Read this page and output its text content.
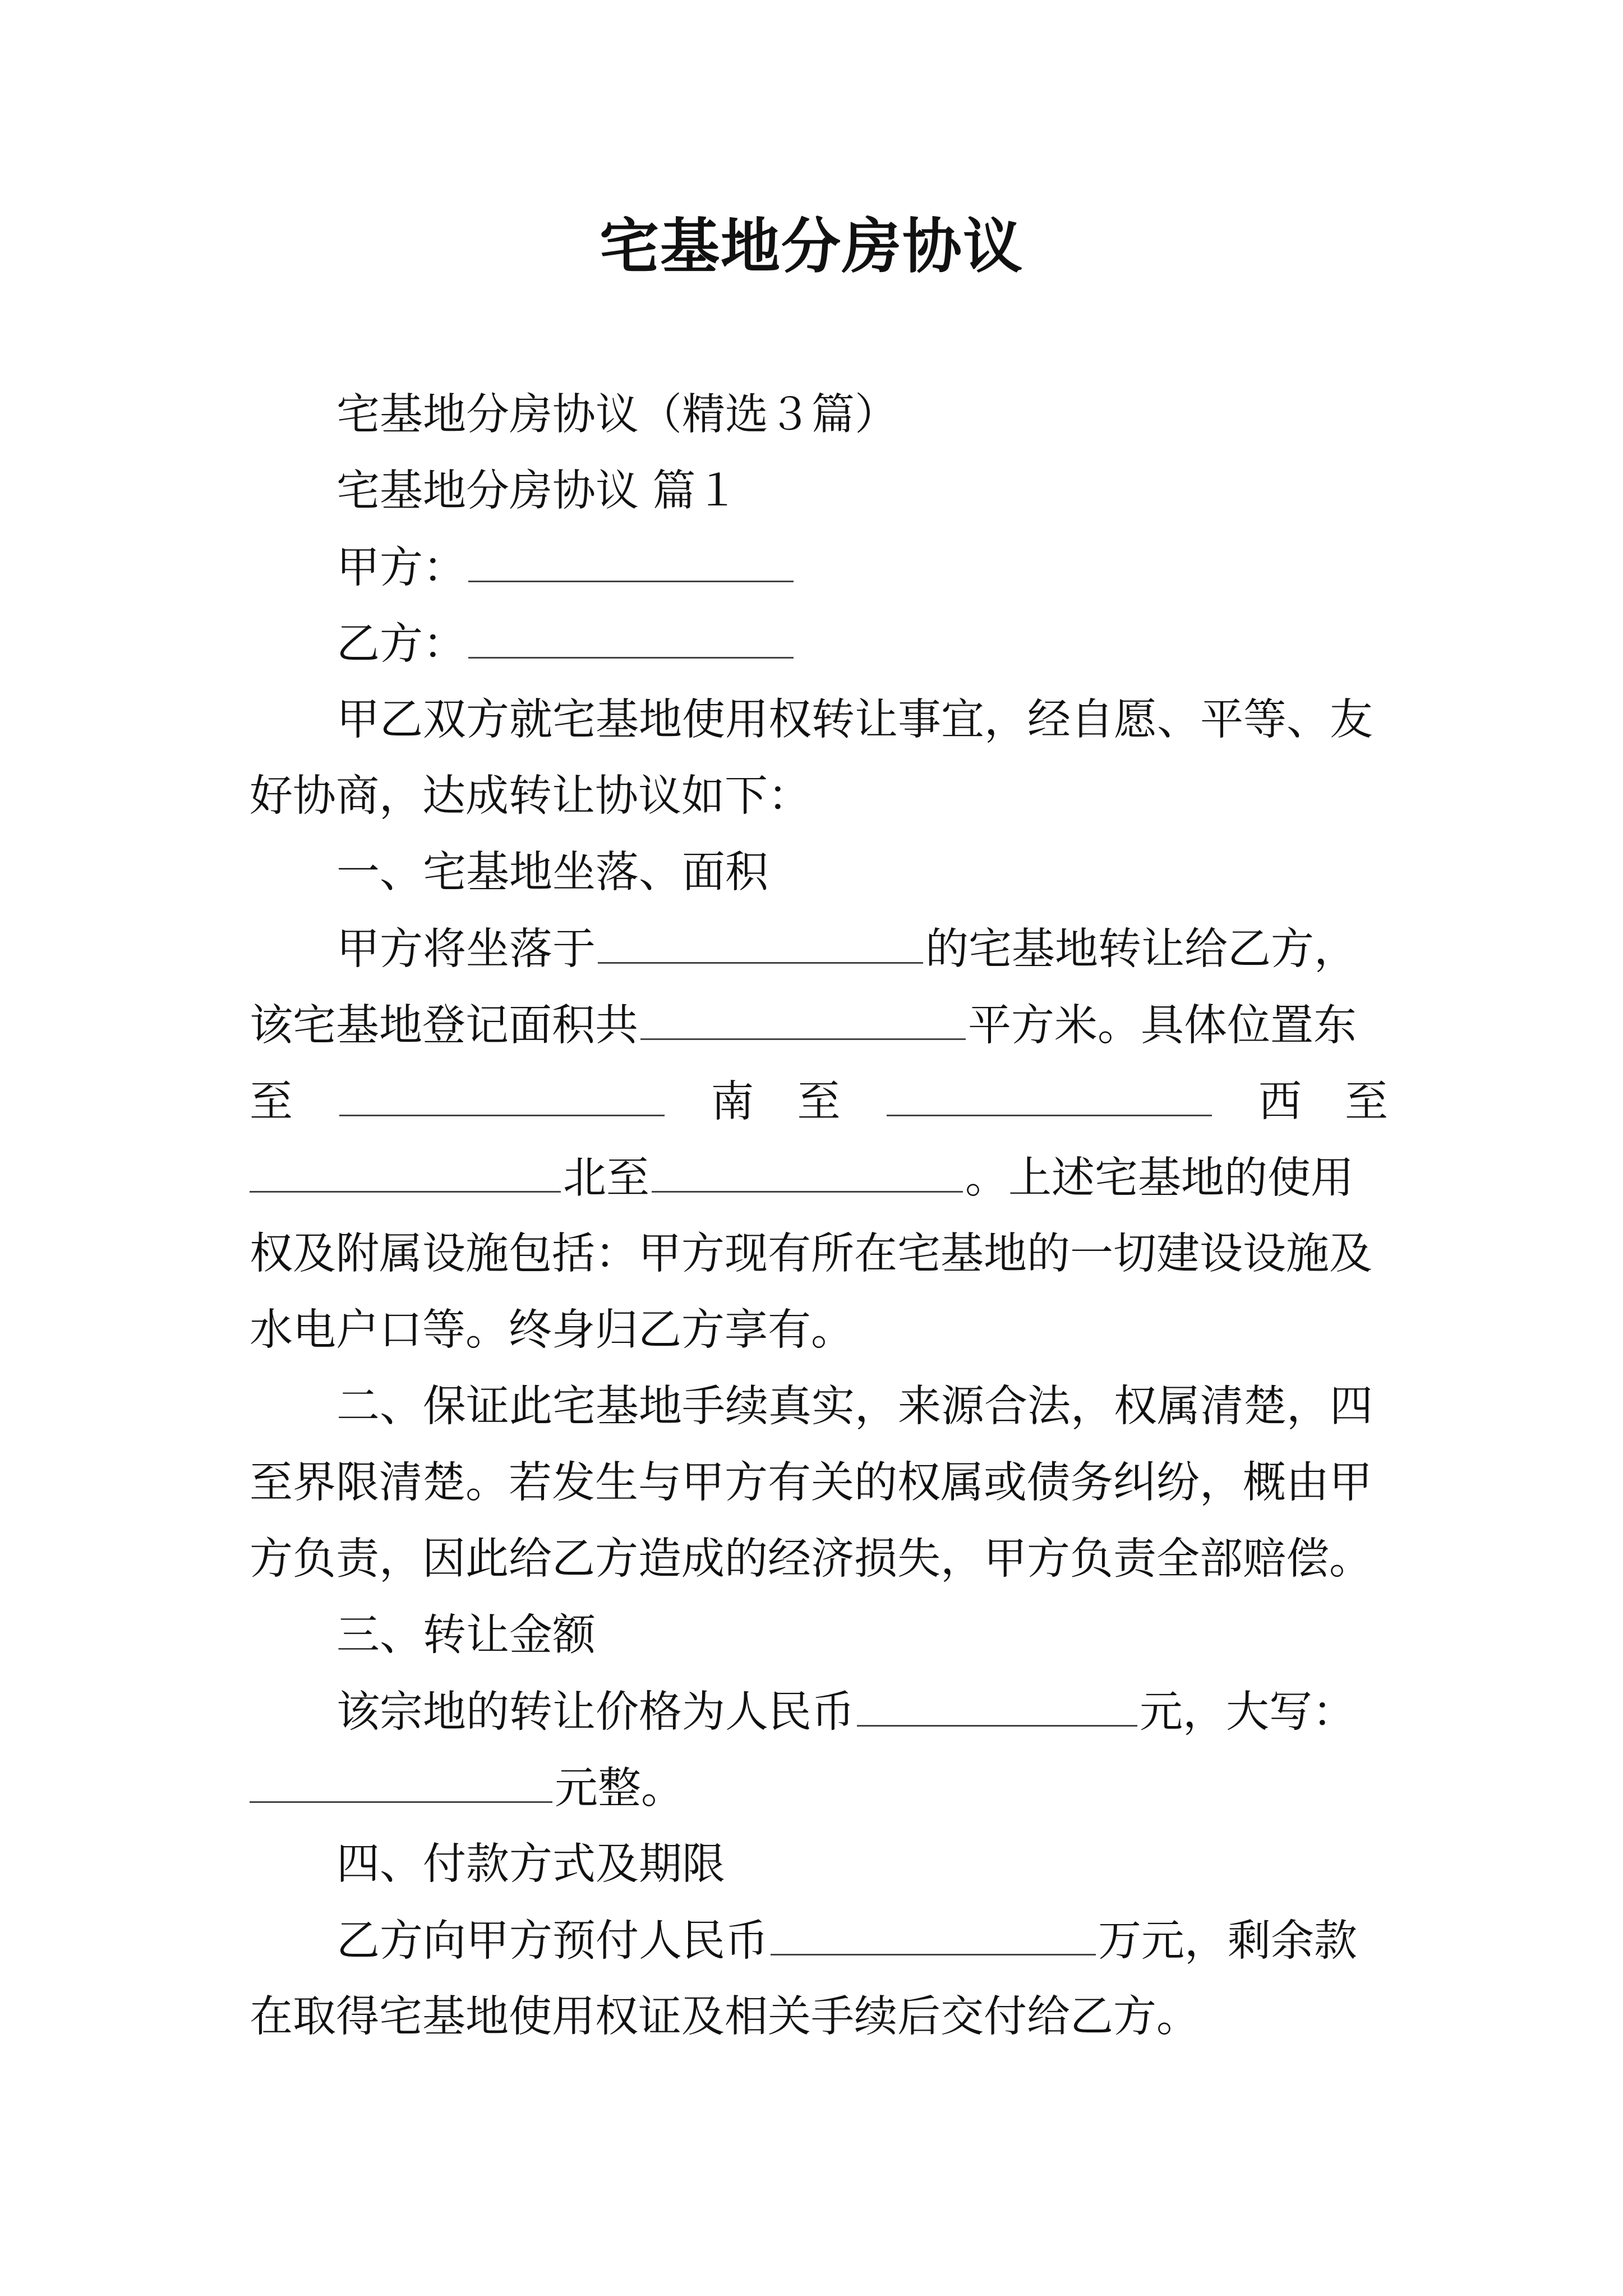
宅基地分房协议
宅基地分房协议（精选３篇）
宅基地分房协议 篇１
甲方：
乙方：
甲乙双方就宅基地使用权转让事宜，经自愿、平等、友
好协商，达成转让协议如下：
一、宅基地坐落、面积
甲方将坐落于	的宅基地转让给乙方，
该宅基地登记面积共	平方米。具体位置东
至	南　至	西　至
北至	。上述宅基地的使用
权及附属设施包括：甲方现有所在宅基地的一切建设设施及
水电户口等。终身归乙方享有。
二、保证此宅基地手续真实，来源合法，权属清楚，四
至界限清楚。若发生与甲方有关的权属或债务纠纷，概由甲
方负责，因此给乙方造成的经济损失，甲方负责全部赔偿。
三、转让金额
该宗地的转让价格为人民币	元，大写：
元整。
四、付款方式及期限
乙方向甲方预付人民币	万元，剩余款
在取得宅基地使用权证及相关手续后交付给乙方。
